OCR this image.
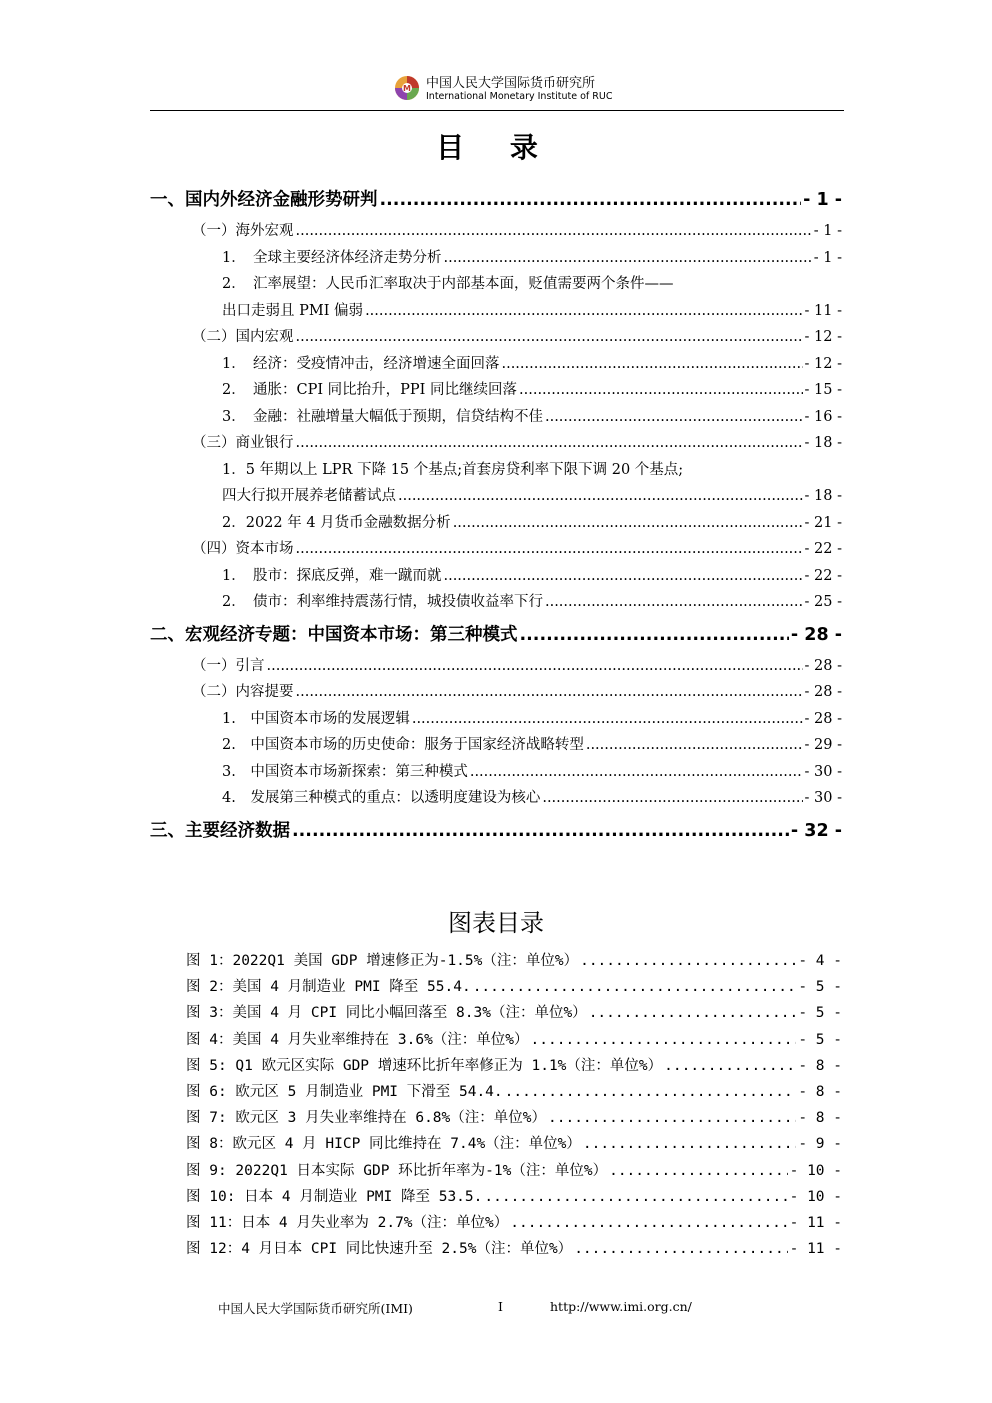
M 中国人民大学国际货币研究所
International Monetary Institute of RUC
目 录
一、国内外经济金融形势研判 .....	- 1 -
（一）海外宏观 .....	- 1 -
1．　全球主要经济体经济走势分析 .....	- 1 -
2．　汇率展望：人民币汇率取决于内部基本面，贬值需要两个条件——
出口走弱且 PMI 偏弱 .....	- 11 -
（二）国内宏观 .....	- 12 -
1．　经济：受疫情冲击，经济增速全面回落 .....	- 12 -
2．　通胀：CPI 同比抬升，PPI 同比继续回落 .....	- 15 -
3．　金融：社融增量大幅低于预期，信贷结构不佳 .....	- 16 -
（三）商业银行 .....	- 18 -
1．5 年期以上 LPR 下降 15 个基点;首套房贷利率下限下调 20 个基点;
四大行拟开展养老储蓄试点 .....	- 18 -
2．2022 年 4 月货币金融数据分析 .....	- 21 -
（四）资本市场 .....	- 22 -
1．　股市：探底反弹，难一蹴而就 .....	- 22 -
2．　债市：利率维持震荡行情，城投债收益率下行 .....	- 25 -
二、宏观经济专题：中国资本市场：第三种模式 .....	- 28 -
（一）引言 .....	- 28 -
（二）内容提要 .....	- 28 -
1.　中国资本市场的发展逻辑 .....	- 28 -
2.　中国资本市场的历史使命：服务于国家经济战略转型 .....	- 29 -
3.　中国资本市场新探索：第三种模式 .....	- 30 -
4.　发展第三种模式的重点：以透明度建设为核心 .....	- 30 -
三、主要经济数据 .....	- 32 -
图表目录
图 1：2022Q1 美国 GDP 增速修正为-1.5%（注：单位%） .....	- 4 -
图 2：美国 4 月制造业 PMI 降至 55.4. .....	- 5 -
图 3：美国 4 月 CPI 同比小幅回落至 8.3%（注：单位%） .....	- 5 -
图 4：美国 4 月失业率维持在 3.6%（注：单位%） .....	- 5 -
图 5: Q1 欧元区实际 GDP 增速环比折年率修正为 1.1%（注：单位%） .....	- 8 -
图 6: 欧元区 5 月制造业 PMI 下滑至 54.4. .....	- 8 -
图 7: 欧元区 3 月失业率维持在 6.8%（注：单位%） .....	- 8 -
图 8：欧元区 4 月 HICP 同比维持在 7.4%（注：单位%） .....	- 9 -
图 9: 2022Q1 日本实际 GDP 环比折年率为-1%（注：单位%） .....	- 10 -
图 10: 日本 4 月制造业 PMI 降至 53.5. .....	- 10 -
图 11：日本 4 月失业率为 2.7%（注：单位%） .....	- 11 -
图 12：4 月日本 CPI 同比快速升至 2.5%（注：单位%） .....	- 11 -
中国人民大学国际货币研究所(IMI)	I	http://www.imi.org.cn/
